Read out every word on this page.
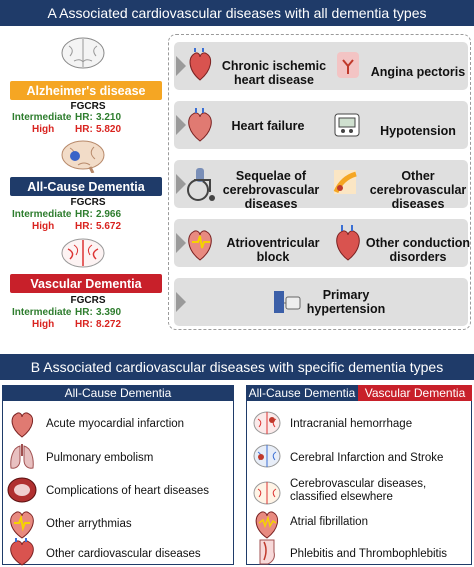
A Associated cardiovascular diseases with all dementia types
Alzheimer's disease
FGCRS
Intermediate HR: 3.210
High	HR: 5.820
All-Cause Dementia
FGCRS
Intermediate HR: 2.966
High	HR: 5.672
Vascular Dementia
FGCRS
Intermediate HR: 3.390
High	HR: 8.272
Chronic ischemic
heart disease
Angina pectoris
Heart failure	Hypotension
Sequelae of
cerebrovascular
diseases
Other
cerebrovascular
diseases
Atrioventricular
block
Other conduction
disorders
Primary
hypertension
B Associated cardiovascular diseases with specific dementia types
All-Cause Dementia	All-Cause Dementia Vascular Dementia
Acute myocardial infarction
Pulmonary embolism
Complications of heart diseases
Other arrythmias
Other cardiovascular diseases
Intracranial hemorrhage
Cerebral Infarction and Stroke
Cerebrovascular diseases,
classified elsewhere
Atrial fibrillation
Phlebitis and Thrombophlebitis
